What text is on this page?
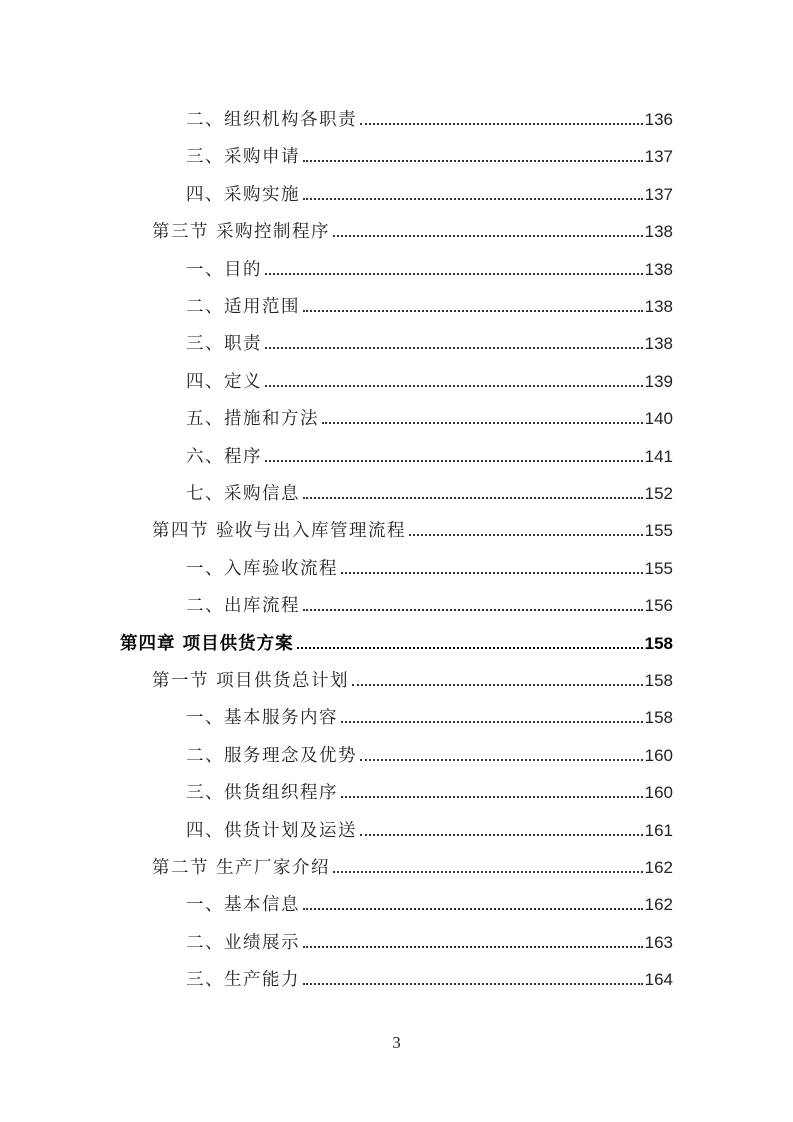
二、组织机构各职责	136
三、采购申请	137
四、采购实施	137
第三节 采购控制程序	138
一、目的	138
二、适用范围	138
三、职责	138
四、定义	139
五、措施和方法	140
六、程序	141
七、采购信息	152
第四节 验收与出入库管理流程	155
一、入库验收流程	155
二、出库流程	156
第四章 项目供货方案	158
第一节 项目供货总计划	158
一、基本服务内容	158
二、服务理念及优势	160
三、供货组织程序	160
四、供货计划及运送	161
第二节 生产厂家介绍	162
一、基本信息	162
二、业绩展示	163
三、生产能力	164
3
